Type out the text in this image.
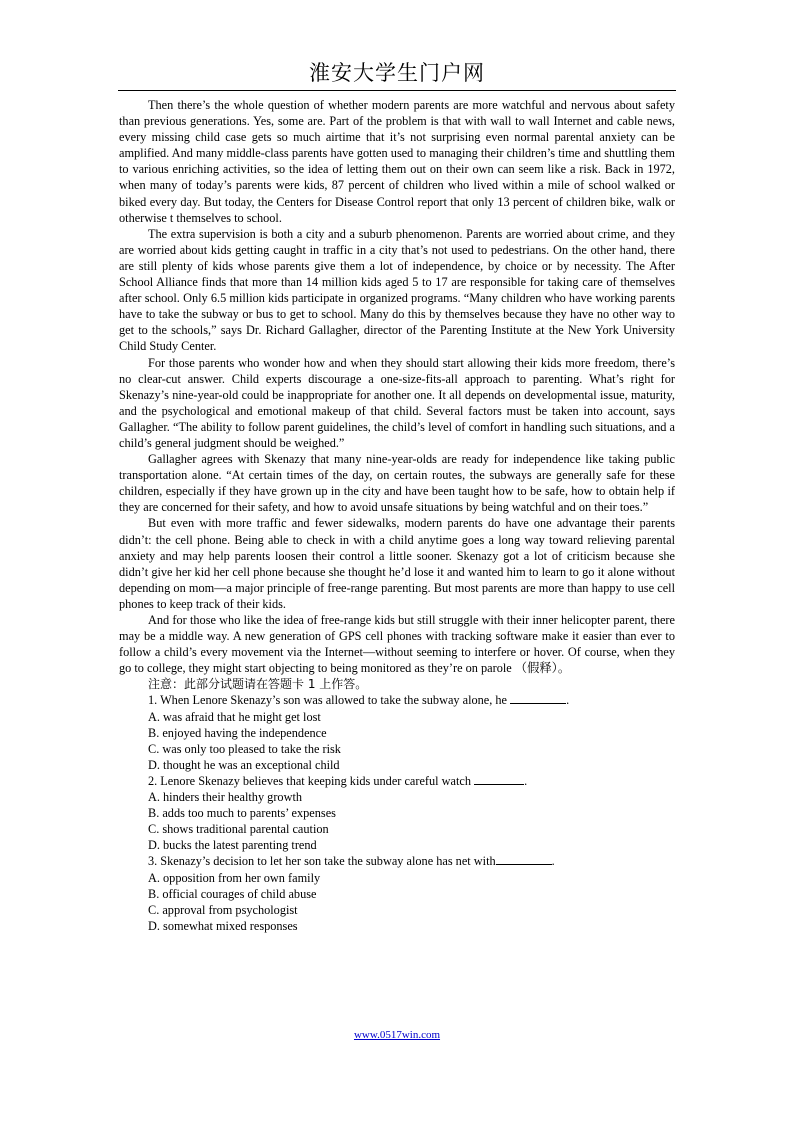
淮安大学生门户网

Then there’s the whole question of whether modern parents are more watchful and nervous about safety than previous generations. Yes, some are. Part of the problem is that with wall to wall Internet and cable news, every missing child case gets so much airtime that it’s not surprising even normal parental anxiety can be amplified. And many middle-class parents have gotten used to managing their children’s time and shuttling them to various enriching activities, so the idea of letting them out on their own can seem like a risk. Back in 1972, when many of today’s parents were kids, 87 percent of children who lived within a mile of school walked or biked every day. But today, the Centers for Disease Control report that only 13 percent of children bike, walk or otherwise t themselves to school.

The extra supervision is both a city and a suburb phenomenon. Parents are worried about crime, and they are worried about kids getting caught in traffic in a city that’s not used to pedestrians. On the other hand, there are still plenty of kids whose parents give them a lot of independence, by choice or by necessity. The After School Alliance finds that more than 14 million kids aged 5 to 17 are responsible for taking care of themselves after school. Only 6.5 million kids participate in organized programs. “Many children who have working parents have to take the subway or bus to get to school. Many do this by themselves because they have no other way to get to the schools,” says Dr. Richard Gallagher, director of the Parenting Institute at the New York University Child Study Center.

For those parents who wonder how and when they should start allowing their kids more freedom, there’s no clear-cut answer. Child experts discourage a one-size-fits-all approach to parenting. What’s right for Skenazy’s nine-year-old could be inappropriate for another one. It all depends on developmental issue, maturity, and the psychological and emotional makeup of that child. Several factors must be taken into account, says Gallagher. “The ability to follow parent guidelines, the child’s level of comfort in handling such situations, and a child’s general judgment should be weighed.”

Gallagher agrees with Skenazy that many nine-year-olds are ready for independence like taking public transportation alone. “At certain times of the day, on certain routes, the subways are generally safe for these children, especially if they have grown up in the city and have been taught how to be safe, how to obtain help if they are concerned for their safety, and how to avoid unsafe situations by being watchful and on their toes.”

But even with more traffic and fewer sidewalks, modern parents do have one advantage their parents didn’t: the cell phone. Being able to check in with a child anytime goes a long way toward relieving parental anxiety and may help parents loosen their control a little sooner. Skenazy got a lot of criticism because she didn’t give her kid her cell phone because she thought he’d lose it and wanted him to learn to go it alone without depending on mom—a major principle of free-range parenting. But most parents are more than happy to use cell phones to keep track of their kids.

And for those who like the idea of free-range kids but still struggle with their inner helicopter parent, there may be a middle way. A new generation of GPS cell phones with tracking software make it easier than ever to follow a child’s every movement via the Internet—without seeming to interfere or hover. Of course, when they go to college, they might start objecting to being monitored as they’re on parole （假释）。

注意：此部分试题请在答题卡 1 上作答。
1. When Lenore Skenazy’s son was allowed to take the subway alone, he	.
A. was afraid that he might get lost
B. enjoyed having the independence
C. was only too pleased to take the risk
D. thought he was an exceptional child
2. Lenore Skenazy believes that keeping kids under careful watch	.
A. hinders their healthy growth
B. adds too much to parents’ expenses
C. shows traditional parental caution
D. bucks the latest parenting trend
3. Skenazy’s decision to let her son take the subway alone has net with	.
A. opposition from her own family
B. official courages of child abuse
C. approval from psychologist
D. somewhat mixed responses
www.0517win.com
